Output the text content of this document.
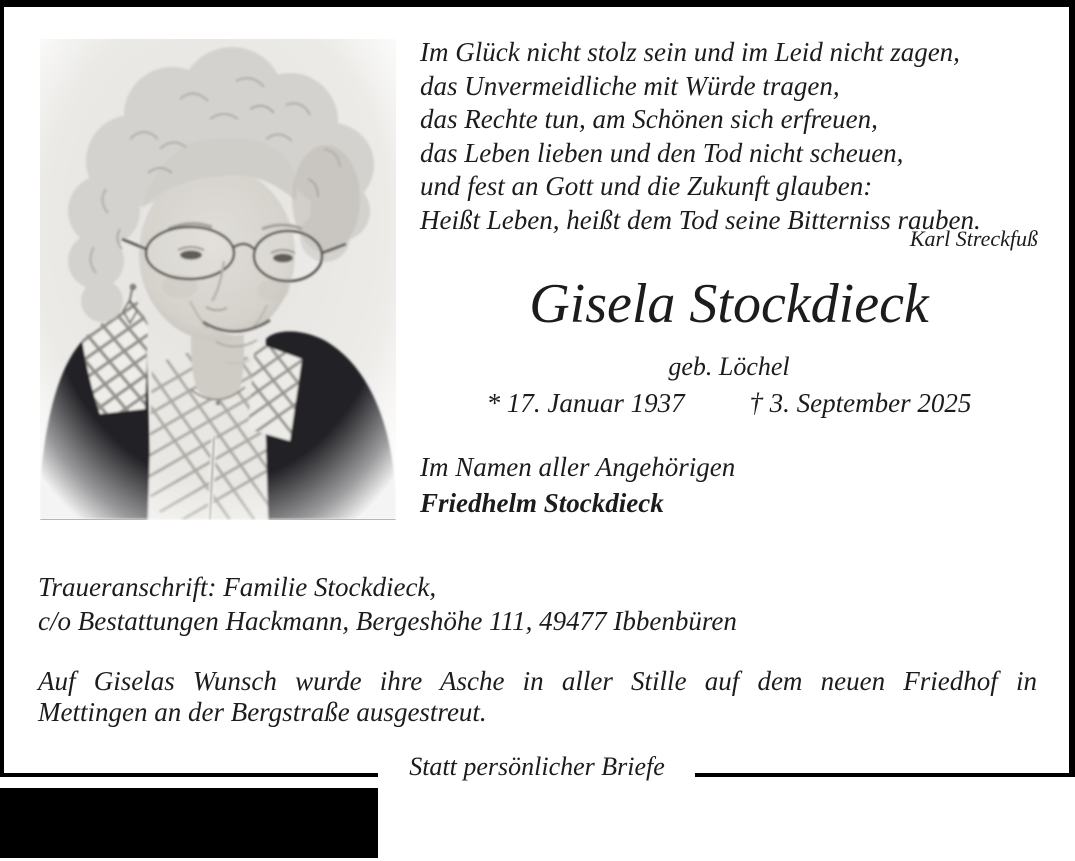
Im Glück nicht stolz sein und im Leid nicht zagen,
das Unvermeidliche mit Würde tragen,
das Rechte tun, am Schönen sich erfreuen,
das Leben lieben und den Tod nicht scheuen,
und fest an Gott und die Zukunft glauben:
Heißt Leben, heißt dem Tod seine Bitterniss rauben.
Karl Streckfuß
Gisela Stockdieck
geb. Löchel
* 17. Januar 1937 † 3. September 2025
Im Namen aller Angehörigen
Friedhelm Stockdieck
Traueranschrift: Familie Stockdieck,
c/o Bestattungen Hackmann, Bergeshöhe 111, 49477 Ibbenbüren
Auf Giselas Wunsch wurde ihre Asche in aller Stille auf dem neuen Friedhof in
Mettingen an der Bergstraße ausgestreut.
Statt persönlicher Briefe
